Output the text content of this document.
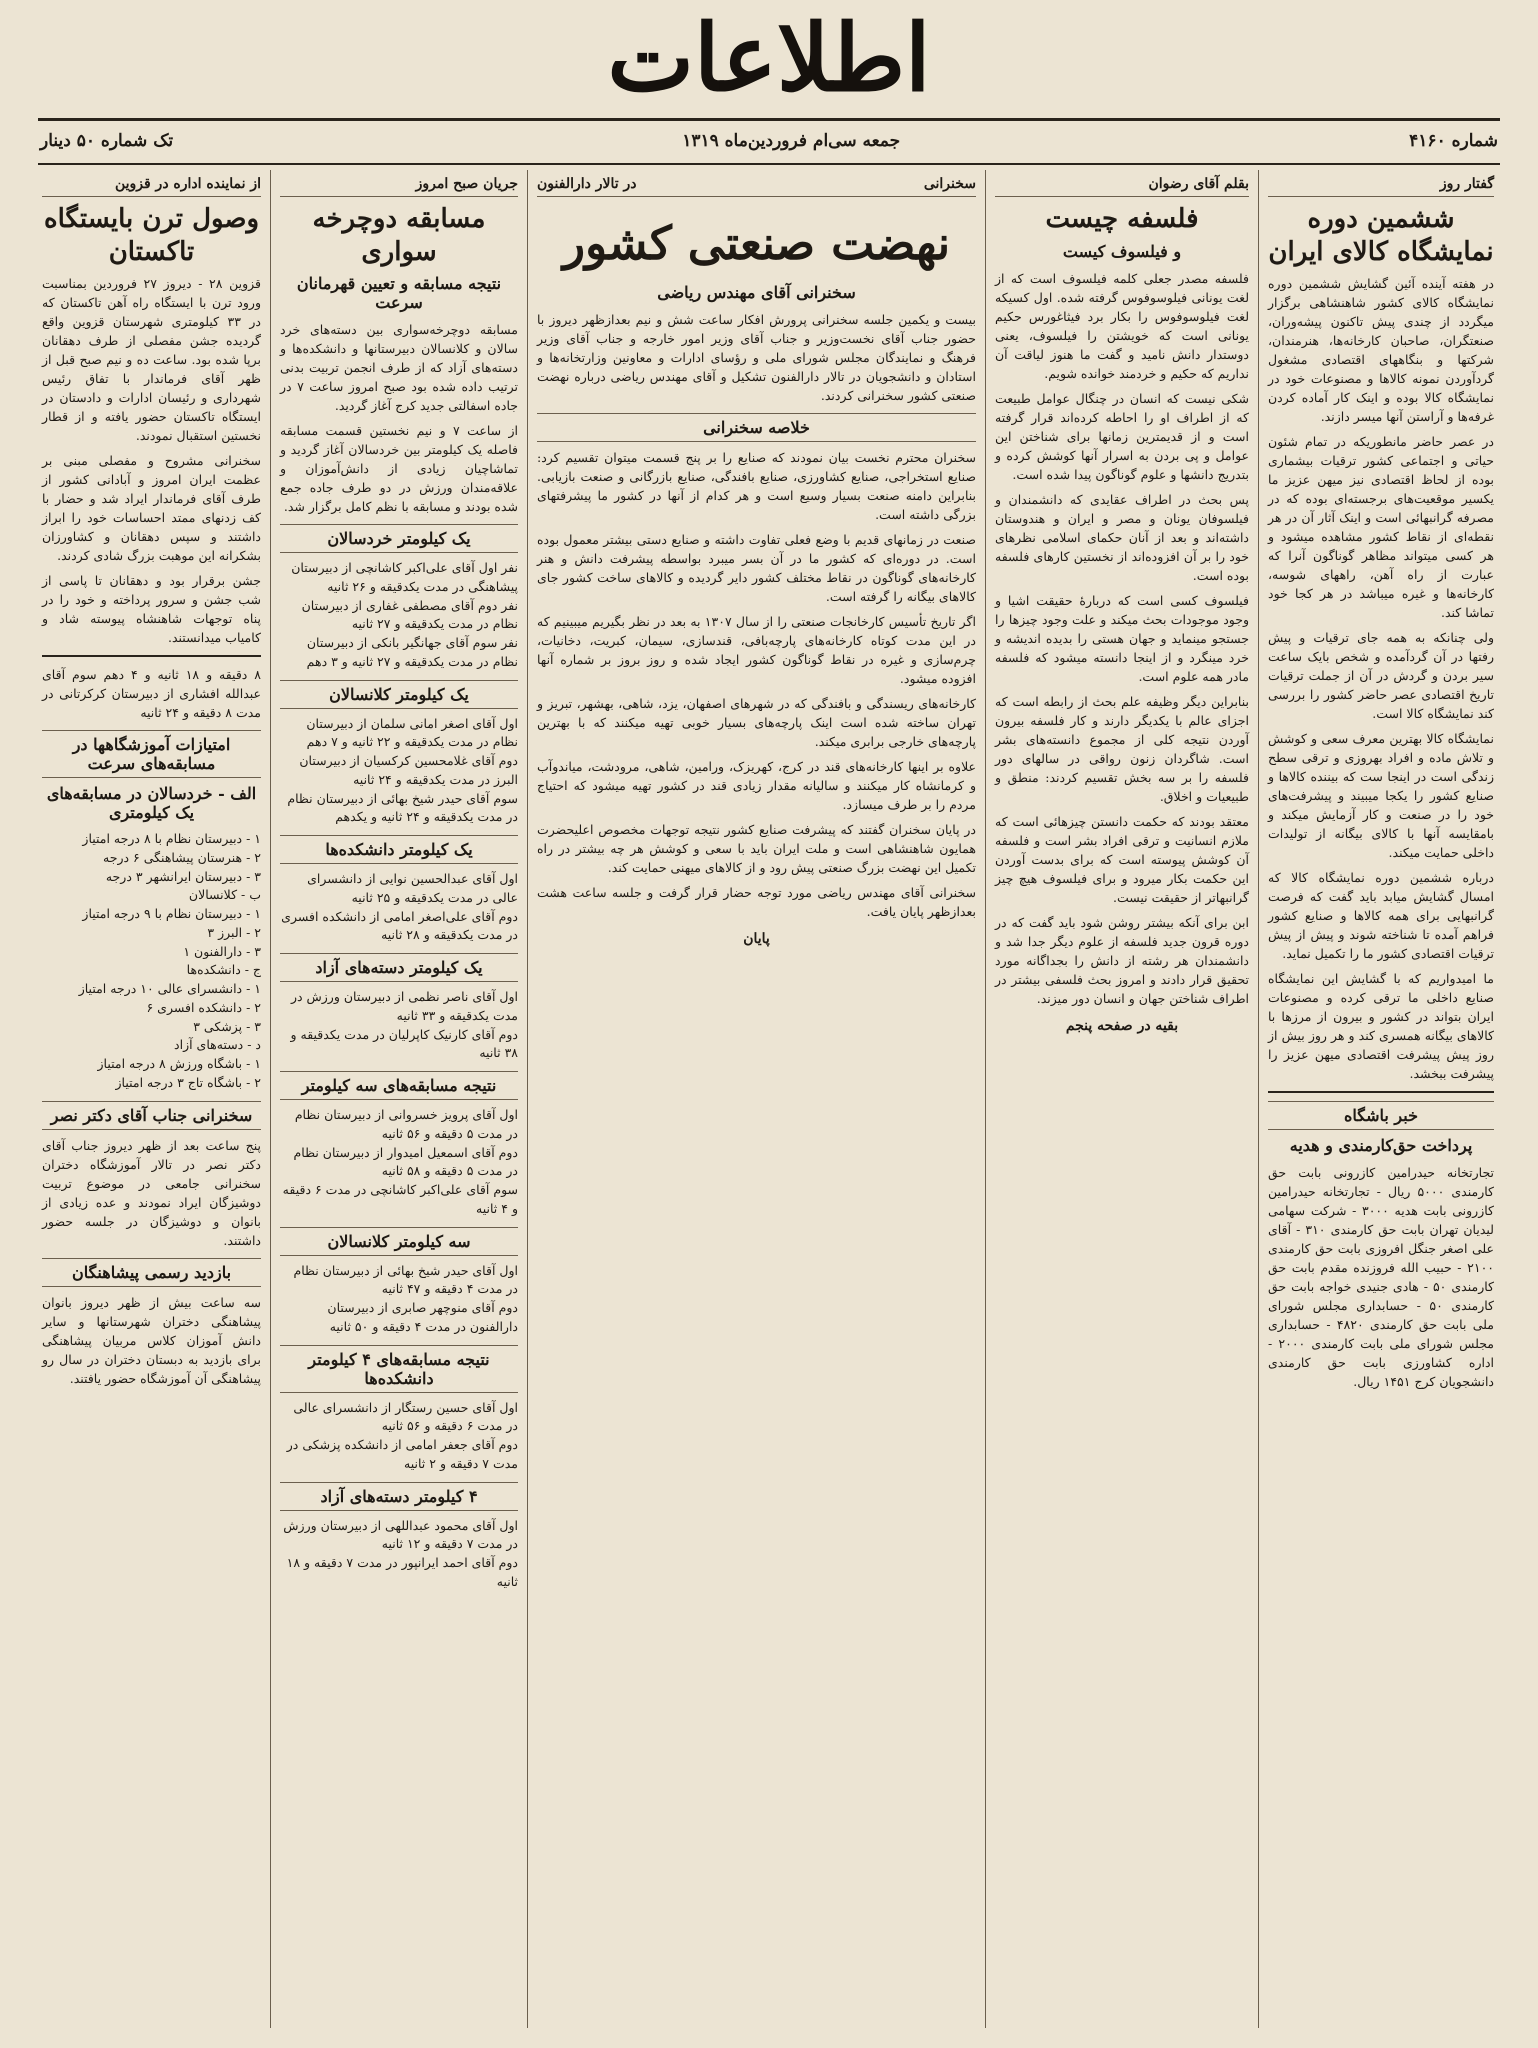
اطلاعات
شماره ۴۱۶۰
جمعه سی‌ام فروردین‌ماه ۱۳۱۹
تک شماره ۵۰ دینار
گفتار روز
ششمین دوره نمایشگاه کالای ایران

در هفته آینده آئین گشایش ششمین دوره نمایشگاه کالای کشور شاهنشاهی برگزار میگردد از چندی پیش تاکنون پیشه‌وران، صنعتگران، صاحبان کارخانه‌ها، هنرمندان، شرکتها و بنگاههای اقتصادی مشغول گردآوردن نمونه کالاها و مصنوعات خود در نمایشگاه کالا بوده و اینک کار آماده کردن غرفه‌ها و آراستن آنها میسر دازند.

در عصر حاضر مانطوریکه در تمام شئون حیاتی و اجتماعی کشور ترقیات بیشماری بوده از لحاظ اقتصادی نیز میهن عزیز ما یکسیر موقعیت‌های برجسته‌ای بوده که در مصرفه گرانبهائی است و اینک آثار آن در هر نقطه‌ای از نقاط کشور مشاهده میشود و هر کسی میتواند مظاهر گوناگون آنرا که عبارت از راه آهن، راههای شوسه، کارخانه‌ها و غیره میباشد در هر کجا خود تماشا کند.

ولی چنانکه به همه جای ترقیات و پیش رفتها در آن گردآمده و شخص بایک ساعت سیر بردن و گردش در آن از جملت ترقیات تاریخ اقتصادی عصر حاضر کشور را بررسی کند نمایشگاه کالا است.

نمایشگاه کالا بهترین معرف سعی و کوشش و تلاش ماده و افراد بهروزی و ترقی سطح زندگی است در اینجا ست که بیننده کالاها و صنایع کشور را یکجا میبیند و پیشرفت‌های خود را در صنعت و کار آزمایش میکند و بامقایسه آنها با کالای بیگانه از تولیدات داخلی حمایت میکند.

درباره ششمین دوره نمایشگاه کالا که امسال گشایش میابد باید گفت که فرصت گرانبهایی برای همه کالاها و صنایع کشور فراهم آمده تا شناخته شوند و پیش از پیش ترقیات اقتصادی کشور ما را تکمیل نماید.

ما امیدواریم که با گشایش این نمایشگاه صنایع داخلی ما ترقی کرده و مصنوعات ایران بتواند در کشور و بیرون از مرزها با کالاهای بیگانه همسری کند و هر روز بیش از روز پیش پیشرفت اقتصادی میهن عزیز را پیشرفت ببخشد.

خبر باشگاه
پرداخت حق‌کارمندی و هدیه

تجارتخانه حیدرامین کازرونی بابت حق کارمندی ۵۰۰۰ ریال - تجارتخانه حیدرامین کازرونی بابت هدیه ۳۰۰۰ - شرکت سهامی لیدیان تهران بابت حق کارمندی ۳۱۰ - آقای علی اصغر جنگل افروزی بابت حق کارمندی ۲۱۰۰ - حبیب الله فروزنده مقدم بابت حق کارمندی ۵۰ - هادی جنیدی خواجه بابت حق کارمندی ۵۰ - حسابداری مجلس شورای ملی بابت حق کارمندی ۴۸۲۰ - حسابداری مجلس شورای ملی بابت کارمندی ۲۰۰۰ - اداره کشاورزی بابت حق کارمندی دانشجویان کرج ۱۴۵۱ ریال.

بقلم آقای رضوان
فلسفه چیست
و فیلسوف کیست

فلسفه مصدر جعلی کلمه فیلسوف است که از لغت یونانی فیلوسوفوس گرفته شده. اول کسیکه لغت فیلوسوفوس را بکار برد فیثاغورس حکیم یونانی است که خویشتن را فیلسوف، یعنی دوستدار دانش نامید و گفت ما هنوز لیاقت آن نداریم که حکیم و خردمند خوانده شویم.

شکی نیست که انسان در چنگال عوامل طبیعت که از اطراف او را احاطه کرده‌اند قرار گرفته است و از قدیمترین زمانها برای شناختن این عوامل و پی بردن به اسرار آنها کوشش کرده و بتدریج دانشها و علوم گوناگون پیدا شده است.

پس بحث در اطراف عقایدی که دانشمندان و فیلسوفان یونان و مصر و ایران و هندوستان داشته‌اند و بعد از آنان حکمای اسلامی نظرهای خود را بر آن افزوده‌اند از نخستین کارهای فلسفه بوده است.

فیلسوف کسی است که دربارۀ حقیقت اشیا و وجود موجودات بحث میکند و علت وجود چیزها را جستجو مینماید و جهان هستی را بدیده اندیشه و خرد مینگرد و از اینجا دانسته میشود که فلسفه مادر همه علوم است.

بنابراین دیگر وظیفه علم بحث از رابطه است که اجزای عالم با یکدیگر دارند و کار فلسفه بیرون آوردن نتیجه کلی از مجموع دانسته‌های بشر است. شاگردان زنون رواقی در سالهای دور فلسفه را بر سه بخش تقسیم کردند: منطق و طبیعیات و اخلاق.

معتقد بودند که حکمت دانستن چیزهائی است که ملازم انسانیت و ترقی افراد بشر است و فلسفه آن کوشش پیوسته است که برای بدست آوردن این حکمت بکار میرود و برای فیلسوف هیچ چیز گرانبهاتر از حقیقت نیست.

ابن برای آنکه بیشتر روشن شود باید گفت که در دوره قرون جدید فلسفه از علوم دیگر جدا شد و دانشمندان هر رشته از دانش را بجداگانه مورد تحقیق قرار دادند و امروز بحث فلسفی بیشتر در اطراف شناختن جهان و انسان دور میزند.

بقیه در صفحه پنجم
سخنرانی
در تالار دارالفنون
نهضت صنعتی کشور
سخنرانی آقای مهندس ریاضی

بیست و یکمین جلسه سخنرانی پرورش افکار ساعت شش و نیم بعدازظهر دیروز با حضور جناب آقای نخست‌وزیر و جناب آقای وزیر امور خارجه و جناب آقای وزیر فرهنگ و نمایندگان مجلس شورای ملی و رؤسای ادارات و معاونین وزارتخانه‌ها و استادان و دانشجویان در تالار دارالفنون تشکیل و آقای مهندس ریاضی درباره نهضت صنعتی کشور سخنرانی کردند.

خلاصه سخنرانی

سخنران محترم نخست بیان نمودند که صنایع را بر پنج قسمت میتوان تقسیم کرد: صنایع استخراجی، صنایع کشاورزی، صنایع بافندگی، صنایع بازرگانی و صنعت بازیابی. بنابراین دامنه صنعت بسیار وسیع است و هر کدام از آنها در کشور ما پیشرفتهای بزرگی داشته است.

صنعت در زمانهای قدیم با وضع فعلی تفاوت داشته و صنایع دستی بیشتر معمول بوده است. در دوره‌ای که کشور ما در آن بسر میبرد بواسطه پیشرفت دانش و هنر کارخانه‌های گوناگون در نقاط مختلف کشور دایر گردیده و کالاهای ساخت کشور جای کالاهای بیگانه را گرفته است.

اگر تاریخ تأسیس کارخانجات صنعتی را از سال ۱۳۰۷ به بعد در نظر بگیریم میبینیم که در این مدت کوتاه کارخانه‌های پارچه‌بافی، قندسازی، سیمان، کبریت، دخانیات، چرم‌سازی و غیره در نقاط گوناگون کشور ایجاد شده و روز بروز بر شماره آنها افزوده میشود.

کارخانه‌های ریسندگی و بافندگی که در شهرهای اصفهان، یزد، شاهی، بهشهر، تبریز و تهران ساخته شده است اینک پارچه‌های بسیار خوبی تهیه میکنند که با بهترین پارچه‌های خارجی برابری میکند.

علاوه بر اینها کارخانه‌های قند در کرج، کهریزک، ورامین، شاهی، مرودشت، میاندوآب و کرمانشاه کار میکنند و سالیانه مقدار زیادی قند در کشور تهیه میشود که احتیاج مردم را بر طرف میسازد.

در پایان سخنران گفتند که پیشرفت صنایع کشور نتیجه توجهات مخصوص اعلیحضرت همایون شاهنشاهی است و ملت ایران باید با سعی و کوشش هر چه بیشتر در راه تکمیل این نهضت بزرگ صنعتی پیش رود و از کالاهای میهنی حمایت کند.

سخنرانی آقای مهندس ریاضی مورد توجه حضار قرار گرفت و جلسه ساعت هشت بعدازظهر پایان یافت.

پایان
جریان صبح امروز
مسابقه دوچرخه سواری
نتیجه مسابقه و تعیین قهرمانان سرعت

مسابقه دوچرخه‌سواری بین دسته‌های خرد سالان و کلانسالان دبیرستانها و دانشکده‌ها و دسته‌های آزاد که از طرف انجمن تربیت بدنی ترتیب داده شده بود صبح امروز ساعت ۷ در جاده اسفالتی جدید کرج آغاز گردید.

از ساعت ۷ و نیم نخستین قسمت مسابقه فاصله یک کیلومتر بین خردسالان آغاز گردید و تماشاچیان زیادی از دانش‌آموزان و علاقه‌مندان ورزش در دو طرف جاده جمع شده بودند و مسابقه با نظم کامل برگزار شد.

یک کیلومتر خردسالان
نفر اول آقای علی‌اکبر کاشانچی از دبیرستان پیشاهنگی در مدت یکدقیقه و ۲۶ ثانیه
نفر دوم آقای مصطفی غفاری از دبیرستان نظام در مدت یکدقیقه و ۲۷ ثانیه
نفر سوم آقای جهانگیر بانکی از دبیرستان نظام در مدت یکدقیقه و ۲۷ ثانیه و ۳ دهم
یک کیلومتر کلانسالان
اول آقای اصغر امانی سلمان از دبیرستان نظام در مدت یکدقیقه و ۲۲ ثانیه و ۷ دهم
دوم آقای غلامحسین کرکسیان از دبیرستان البرز در مدت یکدقیقه و ۲۴ ثانیه
سوم آقای حیدر شیخ بهائی از دبیرستان نظام در مدت یکدقیقه و ۲۴ ثانیه و یکدهم
یک کیلومتر دانشکده‌ها
اول آقای عبدالحسین نوایی از دانشسرای عالی در مدت یکدقیقه و ۲۵ ثانیه
دوم آقای علی‌اصغر امامی از دانشکده افسری در مدت یکدقیقه و ۲۸ ثانیه
یک کیلومتر دسته‌های آزاد
اول آقای ناصر نظمی از دبیرستان ورزش در مدت یکدقیقه و ۳۳ ثانیه
دوم آقای کارنیک کاپرلیان در مدت یکدقیقه و ۳۸ ثانیه
نتیجه مسابقه‌های سه کیلومتر
اول آقای پرویز خسروانی از دبیرستان نظام در مدت ۵ دقیقه و ۵۶ ثانیه
دوم آقای اسمعیل امیدوار از دبیرستان نظام در مدت ۵ دقیقه و ۵۸ ثانیه
سوم آقای علی‌اکبر کاشانچی در مدت ۶ دقیقه و ۴ ثانیه
سه کیلومتر کلانسالان
اول آقای حیدر شیخ بهائی از دبیرستان نظام در مدت ۴ دقیقه و ۴۷ ثانیه
دوم آقای منوچهر صابری از دبیرستان دارالفنون در مدت ۴ دقیقه و ۵۰ ثانیه
نتیجه مسابقه‌های ۴ کیلومتر دانشکده‌ها
اول آقای حسین رستگار از دانشسرای عالی در مدت ۶ دقیقه و ۵۶ ثانیه
دوم آقای جعفر امامی از دانشکده پزشکی در مدت ۷ دقیقه و ۲ ثانیه
۴ کیلومتر دسته‌های آزاد
اول آقای محمود عبداللهی از دبیرستان ورزش در مدت ۷ دقیقه و ۱۲ ثانیه
دوم آقای احمد ایرانپور در مدت ۷ دقیقه و ۱۸ ثانیه
از نماینده اداره در قزوین
وصول ترن بایستگاه تاکستان

قزوین ۲۸ - دیروز ۲۷ فروردین بمناسبت ورود ترن با ایستگاه راه آهن تاکستان که در ۳۳ کیلومتری شهرستان قزوین واقع گردیده جشن مفصلی از طرف دهقانان برپا شده بود. ساعت ده و نیم صبح قبل از ظهر آقای فرماندار با تفاق رئیس شهرداری و رئیسان ادارات و دادستان در ایستگاه تاکستان حضور یافته و از قطار نخستین استقبال نمودند.

سخنرانی مشروح و مفصلی مبنی بر عظمت ایران امروز و آبادانی کشور از طرف آقای فرماندار ایراد شد و حضار با کف زدنهای ممتد احساسات خود را ابراز داشتند و سپس دهقانان و کشاورزان بشکرانه این موهبت بزرگ شادی کردند.

جشن برقرار بود و دهقانان تا پاسی از شب جشن و سرور پرداخته و خود را در پناه توجهات شاهنشاه پیوسته شاد و کامیاب میدانستند.

۸ دقیقه و ۱۸ ثانیه و ۴ دهم سوم آقای عبدالله افشاری از دبیرستان کرکرتانی در مدت ۸ دقیقه و ۲۴ ثانیه

امتیازات آموزشگاهها در مسابقه‌های سرعت
الف - خردسالان در مسابقه‌های یک کیلومتری
۱ - دبیرستان نظام با ۸ درجه امتیاز
۲ - هنرستان پیشاهنگی ۶ درجه
۳ - دبیرستان ایرانشهر ۳ درجه
ب - کلانسالان
۱ - دبیرستان نظام با ۹ درجه امتیاز
۲ - البرز ۳
۳ - دارالفنون ۱
ج - دانشکده‌ها
۱ - دانشسرای عالی ۱۰ درجه امتیاز
۲ - دانشکده افسری ۶
۳ - پزشکی ۳
د - دسته‌های آزاد
۱ - باشگاه ورزش ۸ درجه امتیاز
۲ - باشگاه تاج ۳ درجه امتیاز
سخنرانی جناب آقای دکتر نصر

پنج ساعت بعد از ظهر دیروز جناب آقای دکتر نصر در تالار آموزشگاه دختران سخنرانی جامعی در موضوع تربیت دوشیزگان ایراد نمودند و عده زیادی از بانوان و دوشیزگان در جلسه حضور داشتند.

بازدید رسمی پیشاهنگان

سه ساعت بیش از ظهر دیروز بانوان پیشاهنگی دختران شهرستانها و سایر دانش آموزان کلاس مربیان پیشاهنگی برای بازدید به دبستان دختران در سال رو پیشاهنگی آن آموزشگاه حضور یافتند.
